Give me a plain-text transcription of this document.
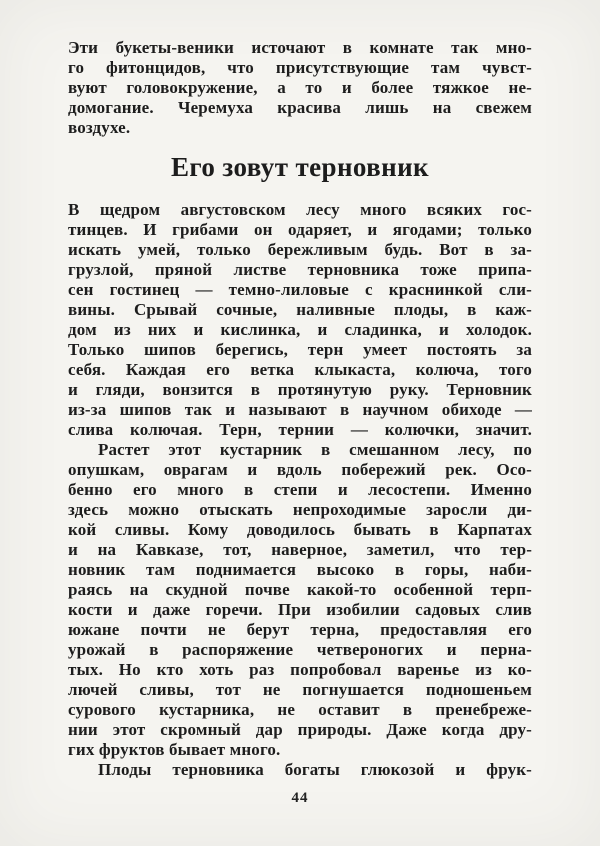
Эти букеты-веники источают в комнате так мно-
го фитонцидов, что присутствующие там чувст-
вуют головокружение, а то и более тяжкое не-
домогание. Черемуха красива лишь на свежем
воздухе.
Его зовут терновник
В щедром августовском лесу много всяких гос-
тинцев. И грибами он одаряет, и ягодами; только
искать умей, только бережливым будь. Вот в за-
грузлой, пряной листве терновника тоже припа-
сен гостинец — темно-лиловые с краснинкой сли-
вины. Срывай сочные, наливные плоды, в каж-
дом из них и кислинка, и сладинка, и холодок.
Только шипов берегись, терн умеет постоять за
себя. Каждая его ветка клыкаста, колюча, того
и гляди, вонзится в протянутую руку. Терновник
из-за шипов так и называют в научном обиходе —
слива колючая. Терн, тернии — колючки, значит.
Растет этот кустарник в смешанном лесу, по
опушкам, оврагам и вдоль побережий рек. Осо-
бенно его много в степи и лесостепи. Именно
здесь можно отыскать непроходимые заросли ди-
кой сливы. Кому доводилось бывать в Карпатах
и на Кавказе, тот, наверное, заметил, что тер-
новник там поднимается высоко в горы, наби-
раясь на скудной почве какой-то особенной терп-
кости и даже горечи. При изобилии садовых слив
южане почти не берут терна, предоставляя его
урожай в распоряжение четвероногих и перна-
тых. Но кто хоть раз попробовал варенье из ко-
лючей сливы, тот не погнушается подношеньем
сурового кустарника, не оставит в пренебреже-
нии этот скромный дар природы. Даже когда дру-
гих фруктов бывает много.
Плоды терновника богаты глюкозой и фрук-
44
